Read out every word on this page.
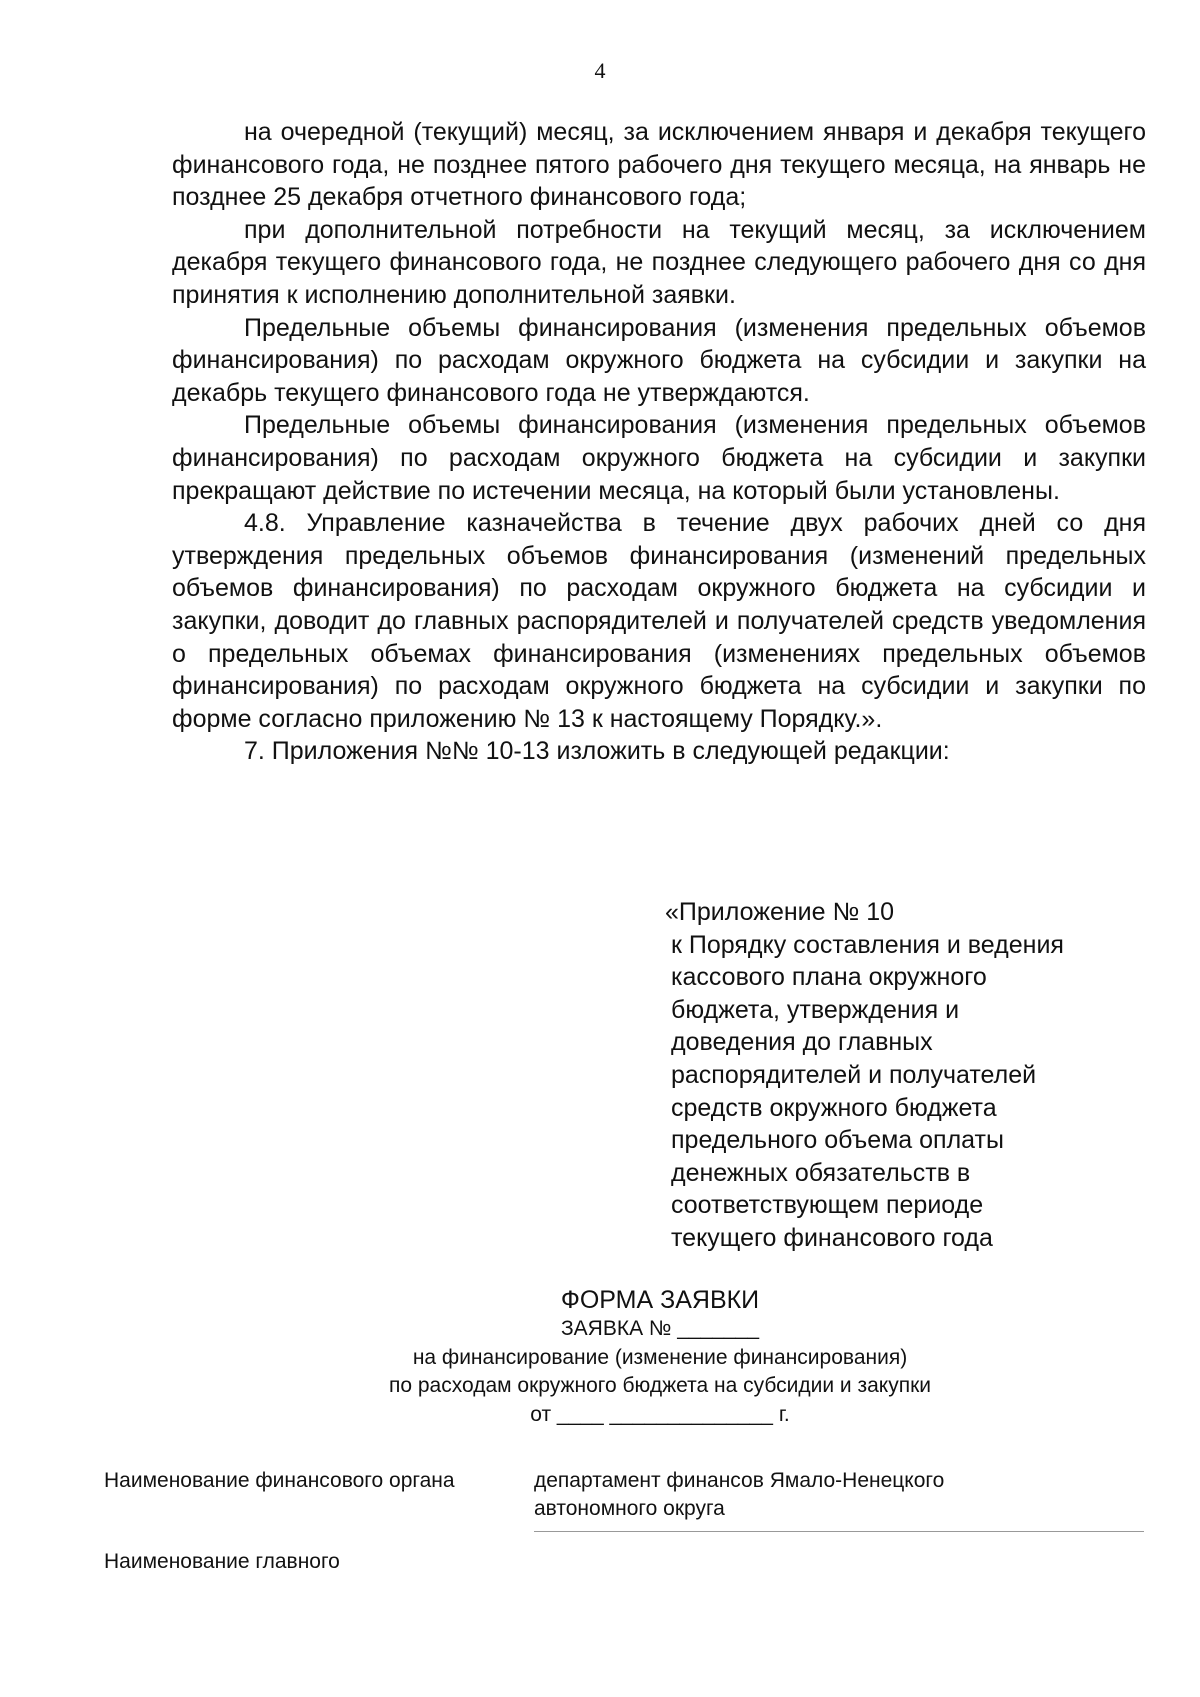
4

на очередной (текущий) месяц, за исключением января и декабря текущего финансового года, не позднее пятого рабочего дня текущего месяца, на январь не позднее 25 декабря отчетного финансового года;

при дополнительной потребности на текущий месяц, за исключением декабря текущего финансового года, не позднее следующего рабочего дня со дня принятия к исполнению дополнительной заявки.

Предельные объемы финансирования (изменения предельных объемов финансирования) по расходам окружного бюджета на субсидии и закупки на декабрь текущего финансового года не утверждаются.

Предельные объемы финансирования (изменения предельных объемов финансирования) по расходам окружного бюджета на субсидии и закупки прекращают действие по истечении месяца, на который были установлены.

4.8. Управление казначейства в течение двух рабочих дней со дня утверждения предельных объемов финансирования (изменений предельных объемов финансирования) по расходам окружного бюджета на субсидии и закупки, доводит до главных распорядителей и получателей средств уведомления о предельных объемах финансирования (изменениях предельных объемов финансирования) по расходам окружного бюджета на субсидии и закупки по форме согласно приложению № 13 к настоящему Порядку.».

7. Приложения №№ 10-13 изложить в следующей редакции:

«Приложение № 10
к Порядку составления и ведения
кассового плана окружного
бюджета, утверждения и
доведения до главных
распорядителей и получателей
средств окружного бюджета
предельного объема оплаты
денежных обязательств в
соответствующем периоде
текущего финансового года
ФОРМА ЗАЯВКИ
ЗАЯВКА № _______
на финансирование (изменение финансирования)
по расходам окружного бюджета на субсидии и закупки
от ____ ______________ г.
Наименование финансового органа	департамент финансов Ямало-Ненецкого
автономного округа
Наименование главного
